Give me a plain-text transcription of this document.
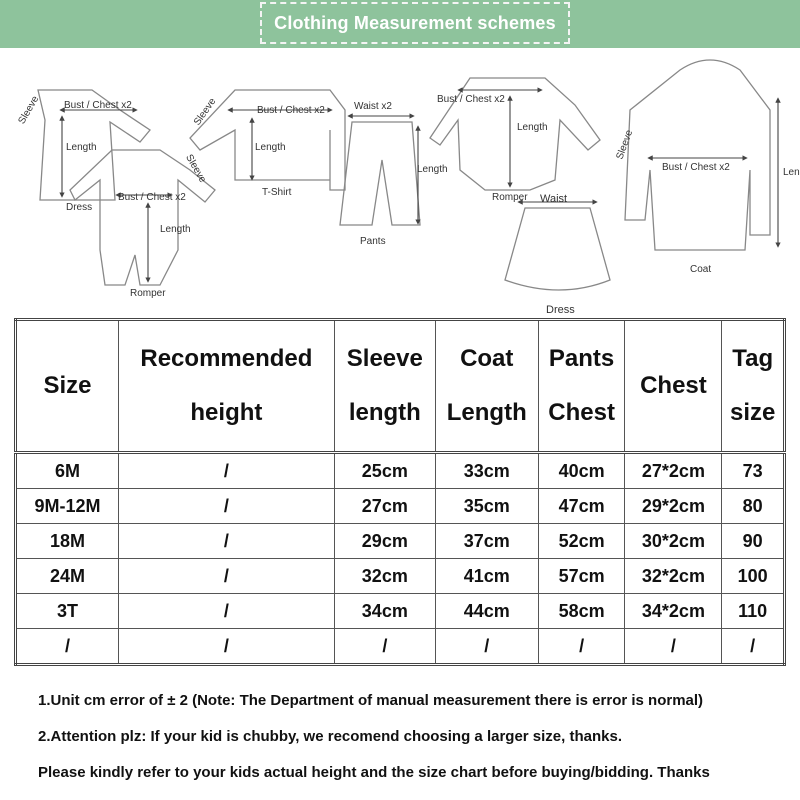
Clothing Measurement schemes
Bust / Chest x2
Length
Sleeve
Dress
Bust / Chest x2
Length
Sleeve
Romper
Bust / Chest x2
Length
Sleeve
T-Shirt
Waist x2
Length
Pants
Bust / Chest x2
Length
Romper Waist
Dress
Bust / Chest x2	Len
Sleeve
Coat
Size	Recommended height	Sleeve length	Coat Length	Pants Chest	Chest	Tag size
6M	/	25cm	33cm	40cm	27*2cm	73
9M-12M	/	27cm	35cm	47cm	29*2cm	80
18M	/	29cm	37cm	52cm	30*2cm	90
24M	/	32cm	41cm	57cm	32*2cm	100
3T	/	34cm	44cm	58cm	34*2cm	110
/	/	/	/	/	/	/
1.Unit cm error of ± 2 (Note: The Department of manual measurement there is error is normal)
2.Attention plz: If your kid is chubby, we recomend choosing a larger size, thanks.
Please kindly refer to your kids actual height and the size chart before buying/bidding. Thanks
